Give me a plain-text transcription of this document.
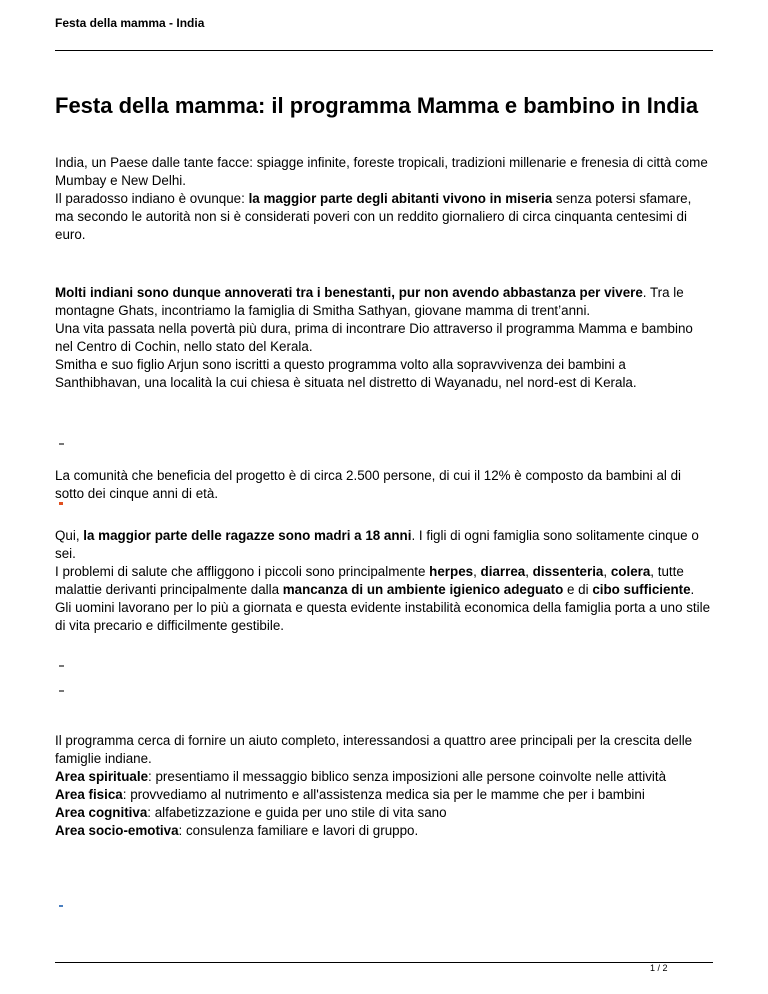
Festa della mamma - India
Festa della mamma: il programma Mamma e bambino in India

India, un Paese dalle tante facce: spiagge infinite, foreste tropicali, tradizioni millenarie e frenesia di città come Mumbay e New Delhi.

Il paradosso indiano è ovunque: la maggior parte degli abitanti vivono in miseria senza potersi sfamare, ma secondo le autorità non si è considerati poveri con un reddito giornaliero di circa cinquanta centesimi di euro.

Molti indiani sono dunque annoverati tra i benestanti, pur non avendo abbastanza per vivere. Tra le montagne Ghats, incontriamo la famiglia di Smitha Sathyan, giovane mamma di trent’anni.

Una vita passata nella povertà più dura, prima di incontrare Dio attraverso il programma Mamma e bambino nel Centro di Cochin, nello stato del Kerala.

Smitha e suo figlio Arjun sono iscritti a questo programma volto alla sopravvivenza dei bambini a Santhibhavan, una località la cui chiesa è situata nel distretto di Wayanadu, nel nord-est di Kerala.

La comunità che beneficia del progetto è di circa 2.500 persone, di cui il 12% è composto da bambini al di sotto dei cinque anni di età.

Qui, la maggior parte delle ragazze sono madri a 18 anni. I figli di ogni famiglia sono solitamente cinque o sei.

I problemi di salute che affliggono i piccoli sono principalmente herpes, diarrea, dissenteria, colera, tutte malattie derivanti principalmente dalla mancanza di un ambiente igienico adeguato e di cibo sufficiente.

Gli uomini lavorano per lo più a giornata e questa evidente instabilità economica della famiglia porta a uno stile di vita precario e difficilmente gestibile.

Il programma cerca di fornire un aiuto completo, interessandosi a quattro aree principali per la crescita delle famiglie indiane.

Area spirituale: presentiamo il messaggio biblico senza imposizioni alle persone coinvolte nelle attività

Area fisica: provvediamo al nutrimento e all'assistenza medica sia per le mamme che per i bambini

Area cognitiva: alfabetizzazione e guida per uno stile di vita sano

Area socio-emotiva: consulenza familiare e lavori di gruppo.

1 / 2
